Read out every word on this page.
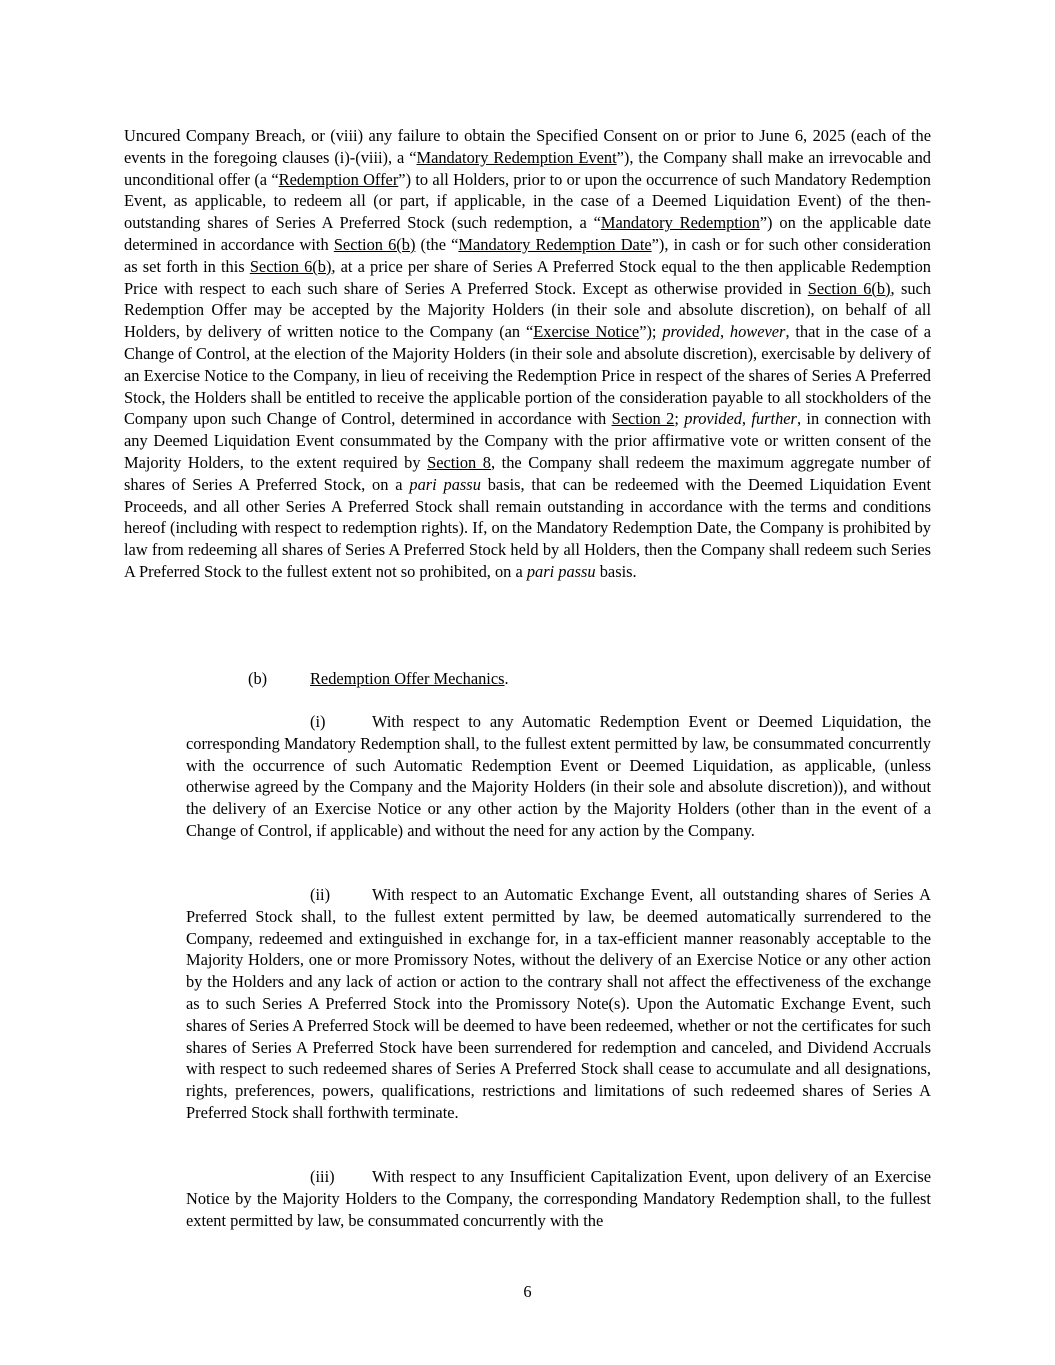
Uncured Company Breach, or (viii) any failure to obtain the Specified Consent on or prior to June 6, 2025 (each of the events in the foregoing clauses (i)-(viii), a “Mandatory Redemption Event”), the Company shall make an irrevocable and unconditional offer (a “Redemption Offer”) to all Holders, prior to or upon the occurrence of such Mandatory Redemption Event, as applicable, to redeem all (or part, if applicable, in the case of a Deemed Liquidation Event) of the then-outstanding shares of Series A Preferred Stock (such redemption, a “Mandatory Redemption”) on the applicable date determined in accordance with Section 6(b) (the “Mandatory Redemption Date”), in cash or for such other consideration as set forth in this Section 6(b), at a price per share of Series A Preferred Stock equal to the then applicable Redemption Price with respect to each such share of Series A Preferred Stock. Except as otherwise provided in Section 6(b), such Redemption Offer may be accepted by the Majority Holders (in their sole and absolute discretion), on behalf of all Holders, by delivery of written notice to the Company (an “Exercise Notice”); provided, however, that in the case of a Change of Control, at the election of the Majority Holders (in their sole and absolute discretion), exercisable by delivery of an Exercise Notice to the Company, in lieu of receiving the Redemption Price in respect of the shares of Series A Preferred Stock, the Holders shall be entitled to receive the applicable portion of the consideration payable to all stockholders of the Company upon such Change of Control, determined in accordance with Section 2; provided, further, in connection with any Deemed Liquidation Event consummated by the Company with the prior affirmative vote or written consent of the Majority Holders, to the extent required by Section 8, the Company shall redeem the maximum aggregate number of shares of Series A Preferred Stock, on a pari passu basis, that can be redeemed with the Deemed Liquidation Event Proceeds, and all other Series A Preferred Stock shall remain outstanding in accordance with the terms and conditions hereof (including with respect to redemption rights). If, on the Mandatory Redemption Date, the Company is prohibited by law from redeeming all shares of Series A Preferred Stock held by all Holders, then the Company shall redeem such Series A Preferred Stock to the fullest extent not so prohibited, on a pari passu basis.

(b)	Redemption Offer Mechanics.

(i)	With respect to any Automatic Redemption Event or Deemed Liquidation, the corresponding Mandatory Redemption shall, to the fullest extent permitted by law, be consummated concurrently with the occurrence of such Automatic Redemption Event or Deemed Liquidation, as applicable, (unless otherwise agreed by the Company and the Majority Holders (in their sole and absolute discretion)), and without the delivery of an Exercise Notice or any other action by the Majority Holders (other than in the event of a Change of Control, if applicable) and without the need for any action by the Company.

(ii)	With respect to an Automatic Exchange Event, all outstanding shares of Series A Preferred Stock shall, to the fullest extent permitted by law, be deemed automatically surrendered to the Company, redeemed and extinguished in exchange for, in a tax-efficient manner reasonably acceptable to the Majority Holders, one or more Promissory Notes, without the delivery of an Exercise Notice or any other action by the Holders and any lack of action or action to the contrary shall not affect the effectiveness of the exchange as to such Series A Preferred Stock into the Promissory Note(s). Upon the Automatic Exchange Event, such shares of Series A Preferred Stock will be deemed to have been redeemed, whether or not the certificates for such shares of Series A Preferred Stock have been surrendered for redemption and canceled, and Dividend Accruals with respect to such redeemed shares of Series A Preferred Stock shall cease to accumulate and all designations, rights, preferences, powers, qualifications, restrictions and limitations of such redeemed shares of Series A Preferred Stock shall forthwith terminate.

(iii) With respect to any Insufficient Capitalization Event, upon delivery of an Exercise Notice by the Majority Holders to the Company, the corresponding Mandatory Redemption shall, to the fullest extent permitted by law, be consummated concurrently with the

6
